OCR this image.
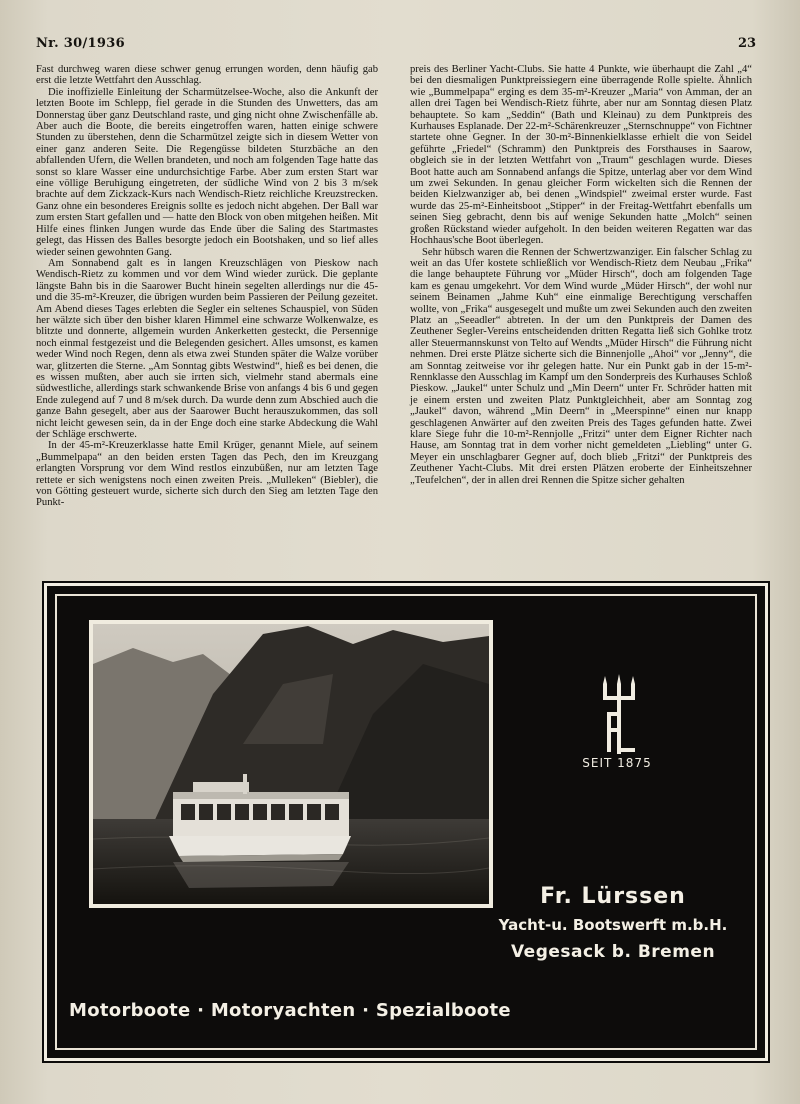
Nr. 30/1936	23

Fast durchweg waren diese schwer genug errungen worden, denn häufig gab erst die letzte Wettfahrt den Ausschlag.

Die inoffizielle Einleitung der Scharmützelsee-Woche, also die Ankunft der letzten Boote im Schlepp, fiel gerade in die Stunden des Unwetters, das am Donnerstag über ganz Deutschland raste, und ging nicht ohne Zwischenfälle ab. Aber auch die Boote, die bereits eingetroffen waren, hatten einige schwere Stunden zu überstehen, denn die Scharmützel zeigte sich in diesem Wetter von einer ganz anderen Seite. Die Regengüsse bildeten Sturzbäche an den abfallenden Ufern, die Wellen brandeten, und noch am folgenden Tage hatte das sonst so klare Wasser eine undurchsichtige Farbe. Aber zum ersten Start war eine völlige Beruhigung eingetreten, der südliche Wind von 2 bis 3 m/sek brachte auf dem Zickzack-Kurs nach Wendisch-Rietz reichliche Kreuzstrecken. Ganz ohne ein besonderes Ereignis sollte es jedoch nicht abgehen. Der Ball war zum ersten Start gefallen und — hatte den Block von oben mitgehen heißen. Mit Hilfe eines flinken Jungen wurde das Ende über die Saling des Startmastes gelegt, das Hissen des Balles besorgte jedoch ein Bootshaken, und so lief alles wieder seinen gewohnten Gang.

Am Sonnabend galt es in langen Kreuzschlägen von Pieskow nach Wendisch-Rietz zu kommen und vor dem Wind wieder zurück. Die geplante längste Bahn bis in die Saarower Bucht hinein segelten allerdings nur die 45- und die 35-m²-Kreuzer, die übrigen wurden beim Passieren der Peilung gezeitet. Am Abend dieses Tages erlebten die Segler ein seltenes Schauspiel, von Süden her wälzte sich über den bisher klaren Himmel eine schwarze Wolkenwalze, es blitzte und donnerte, allgemein wurden Ankerketten gesteckt, die Persennige noch einmal festgezeist und die Belegenden gesichert. Alles umsonst, es kamen weder Wind noch Regen, denn als etwa zwei Stunden später die Walze vorüber war, glitzerten die Sterne. „Am Sonntag gibts Westwind“, hieß es bei denen, die es wissen mußten, aber auch sie irrten sich, vielmehr stand abermals eine südwestliche, allerdings stark schwankende Brise von anfangs 4 bis 6 und gegen Ende zulegend auf 7 und 8 m/sek durch. Da wurde denn zum Abschied auch die ganze Bahn gesegelt, aber aus der Saarower Bucht herauszukommen, das soll nicht leicht gewesen sein, da in der Enge doch eine starke Abdeckung die Wahl der Schläge erschwerte.

In der 45-m²-Kreuzerklasse hatte Emil Krüger, genannt Miele, auf seinem „Bummelpapa“ an den beiden ersten Tagen das Pech, den im Kreuzgang erlangten Vorsprung vor dem Wind restlos einzubüßen, nur am letzten Tage rettete er sich wenigstens noch einen zweiten Preis. „Mulleken“ (Biebler), die von Götting gesteuert wurde, sicherte sich durch den Sieg am letzten Tage den Punkt-

preis des Berliner Yacht-Clubs. Sie hatte 4 Punkte, wie überhaupt die Zahl „4“ bei den diesmaligen Punktpreissiegern eine überragende Rolle spielte. Ähnlich wie „Bummelpapa“ erging es dem 35-m²-Kreuzer „Maria“ von Amman, der an allen drei Tagen bei Wendisch-Rietz führte, aber nur am Sonntag diesen Platz behauptete. So kam „Seddin“ (Bath und Kleinau) zu dem Punktpreis des Kurhauses Esplanade. Der 22-m²-Schärenkreuzer „Sternschnuppe“ von Fichtner startete ohne Gegner. In der 30-m²-Binnenkielklasse erhielt die von Seidel geführte „Friedel“ (Schramm) den Punktpreis des Forsthauses in Saarow, obgleich sie in der letzten Wettfahrt von „Traum“ geschlagen wurde. Dieses Boot hatte auch am Sonnabend anfangs die Spitze, unterlag aber vor dem Wind um zwei Sekunden. In genau gleicher Form wickelten sich die Rennen der beiden Kielzwanziger ab, bei denen „Windspiel“ zweimal erster wurde. Fast wurde das 25-m²-Einheitsboot „Stipper“ in der Freitag-Wettfahrt ebenfalls um seinen Sieg gebracht, denn bis auf wenige Sekunden hatte „Molch“ seinen großen Rückstand wieder aufgeholt. In den beiden weiteren Regatten war das Hochhaus'sche Boot überlegen.

Sehr hübsch waren die Rennen der Schwertzwanziger. Ein falscher Schlag zu weit an das Ufer kostete schließlich vor Wendisch-Rietz dem Neubau „Frika“ die lange behauptete Führung vor „Müder Hirsch“, doch am folgenden Tage kam es genau umgekehrt. Vor dem Wind wurde „Müder Hirsch“, der wohl nur seinem Beinamen „Jahme Kuh“ eine einmalige Berechtigung verschaffen wollte, von „Frika“ ausgesegelt und mußte um zwei Sekunden auch den zweiten Platz an „Seeadler“ abtreten. In der um den Punktpreis der Damen des Zeuthener Segler-Vereins entscheidenden dritten Regatta ließ sich Gohlke trotz aller Steuermannskunst von Telto auf Wendts „Müder Hirsch“ die Führung nicht nehmen. Drei erste Plätze sicherte sich die Binnenjolle „Ahoi“ vor „Jenny“, die am Sonntag zeitweise vor ihr gelegen hatte. Nur ein Punkt gab in der 15-m²-Rennklasse den Ausschlag im Kampf um den Sonderpreis des Kurhauses Schloß Pieskow. „Jaukel“ unter Schulz und „Min Deern“ unter Fr. Schröder hatten mit je einem ersten und zweiten Platz Punktgleichheit, aber am Sonntag zog „Jaukel“ davon, während „Min Deern“ in „Meerspinne“ einen nur knapp geschlagenen Anwärter auf den zweiten Preis des Tages gefunden hatte. Zwei klare Siege fuhr die 10-m²-Rennjolle „Fritzi“ unter dem Eigner Richter nach Hause, am Sonntag trat in dem vorher nicht gemeldeten „Liebling“ unter G. Meyer ein unschlagbarer Gegner auf, doch blieb „Fritzi“ der Punktpreis des Zeuthener Yacht-Clubs. Mit drei ersten Plätzen eroberte der Einheitszehner „Teufelchen“, der in allen drei Rennen die Spitze sicher gehalten

SEIT 1875
Fr. Lürssen
Yacht-u. Bootswerft m.b.H.
Vegesack b. Bremen
Motorboote · Motoryachten · Spezialboote
